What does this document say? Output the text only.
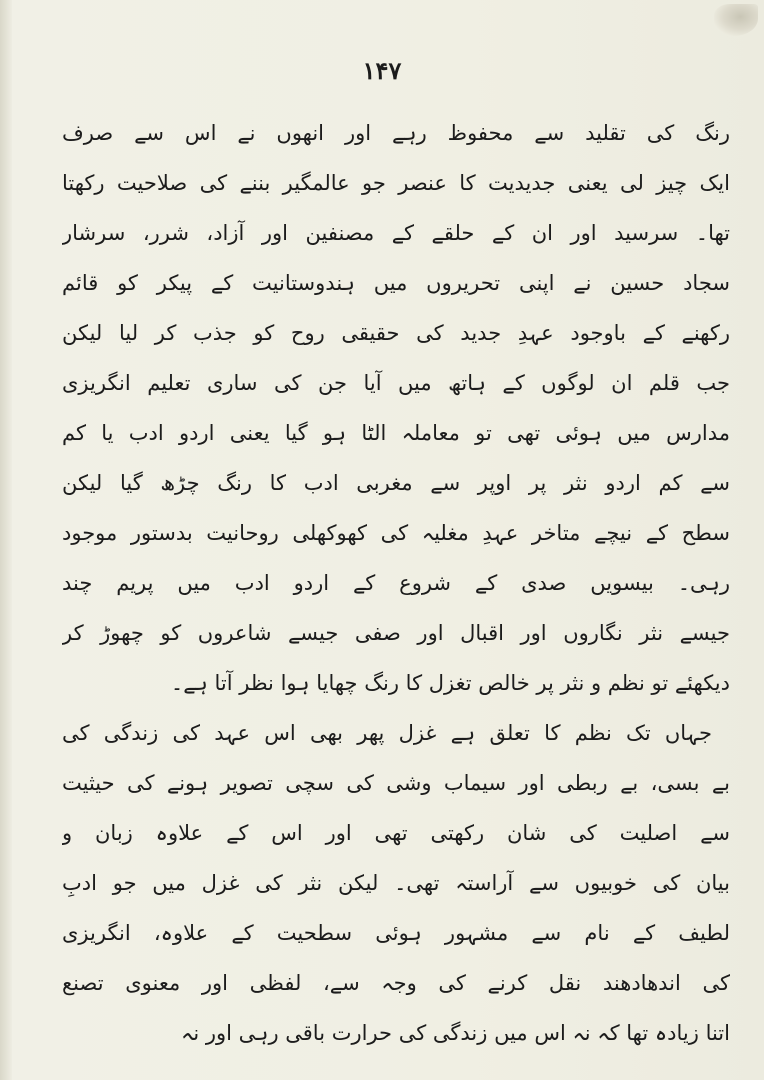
۱۴۷
رنگ کی تقلید سے محفوظ رہے اور انھوں نے اس سے صرف
ایک چیز لی یعنی جدیدیت کا عنصر جو عالمگیر بننے کی صلاحیت رکھتا
تھا۔ سرسید اور ان کے حلقے کے مصنفین اور آزاد، شرر، سرشار
سجاد حسین نے اپنی تحریروں میں ہندوستانیت کے پیکر کو قائم
رکھنے کے باوجود عہدِ جدید کی حقیقی روح کو جذب کر لیا لیکن
جب قلم ان لوگوں کے ہاتھ میں آیا جن کی ساری تعلیم انگریزی
مدارس میں ہوئی تھی تو معاملہ الٹا ہو گیا یعنی اردو ادب یا کم
سے کم اردو نثر پر اوپر سے مغربی ادب کا رنگ چڑھ گیا لیکن
سطح کے نیچے متاخر عہدِ مغلیہ کی کھوکھلی روحانیت بدستور موجود
رہی۔ بیسویں صدی کے شروع کے اردو ادب میں پریم چند
جیسے نثر نگاروں اور اقبال اور صفی جیسے شاعروں کو چھوڑ کر
دیکھئے تو نظم و نثر پر خالص تغزل کا رنگ چھایا ہوا نظر آتا ہے۔
جہاں تک نظم کا تعلق ہے غزل پھر بھی اس عہد کی زندگی کی
بے بسی، بے ربطی اور سیماب وشی کی سچی تصویر ہونے کی حیثیت
سے اصلیت کی شان رکھتی تھی اور اس کے علاوہ زبان و
بیان کی خوبیوں سے آراستہ تھی۔ لیکن نثر کی غزل میں جو ادبِ
لطیف کے نام سے مشہور ہوئی سطحیت کے علاوہ، انگریزی
کی اندھادھند نقل کرنے کی وجہ سے، لفظی اور معنوی تصنع
اتنا زیادہ تھا کہ نہ اس میں زندگی کی حرارت باقی رہی اور نہ
